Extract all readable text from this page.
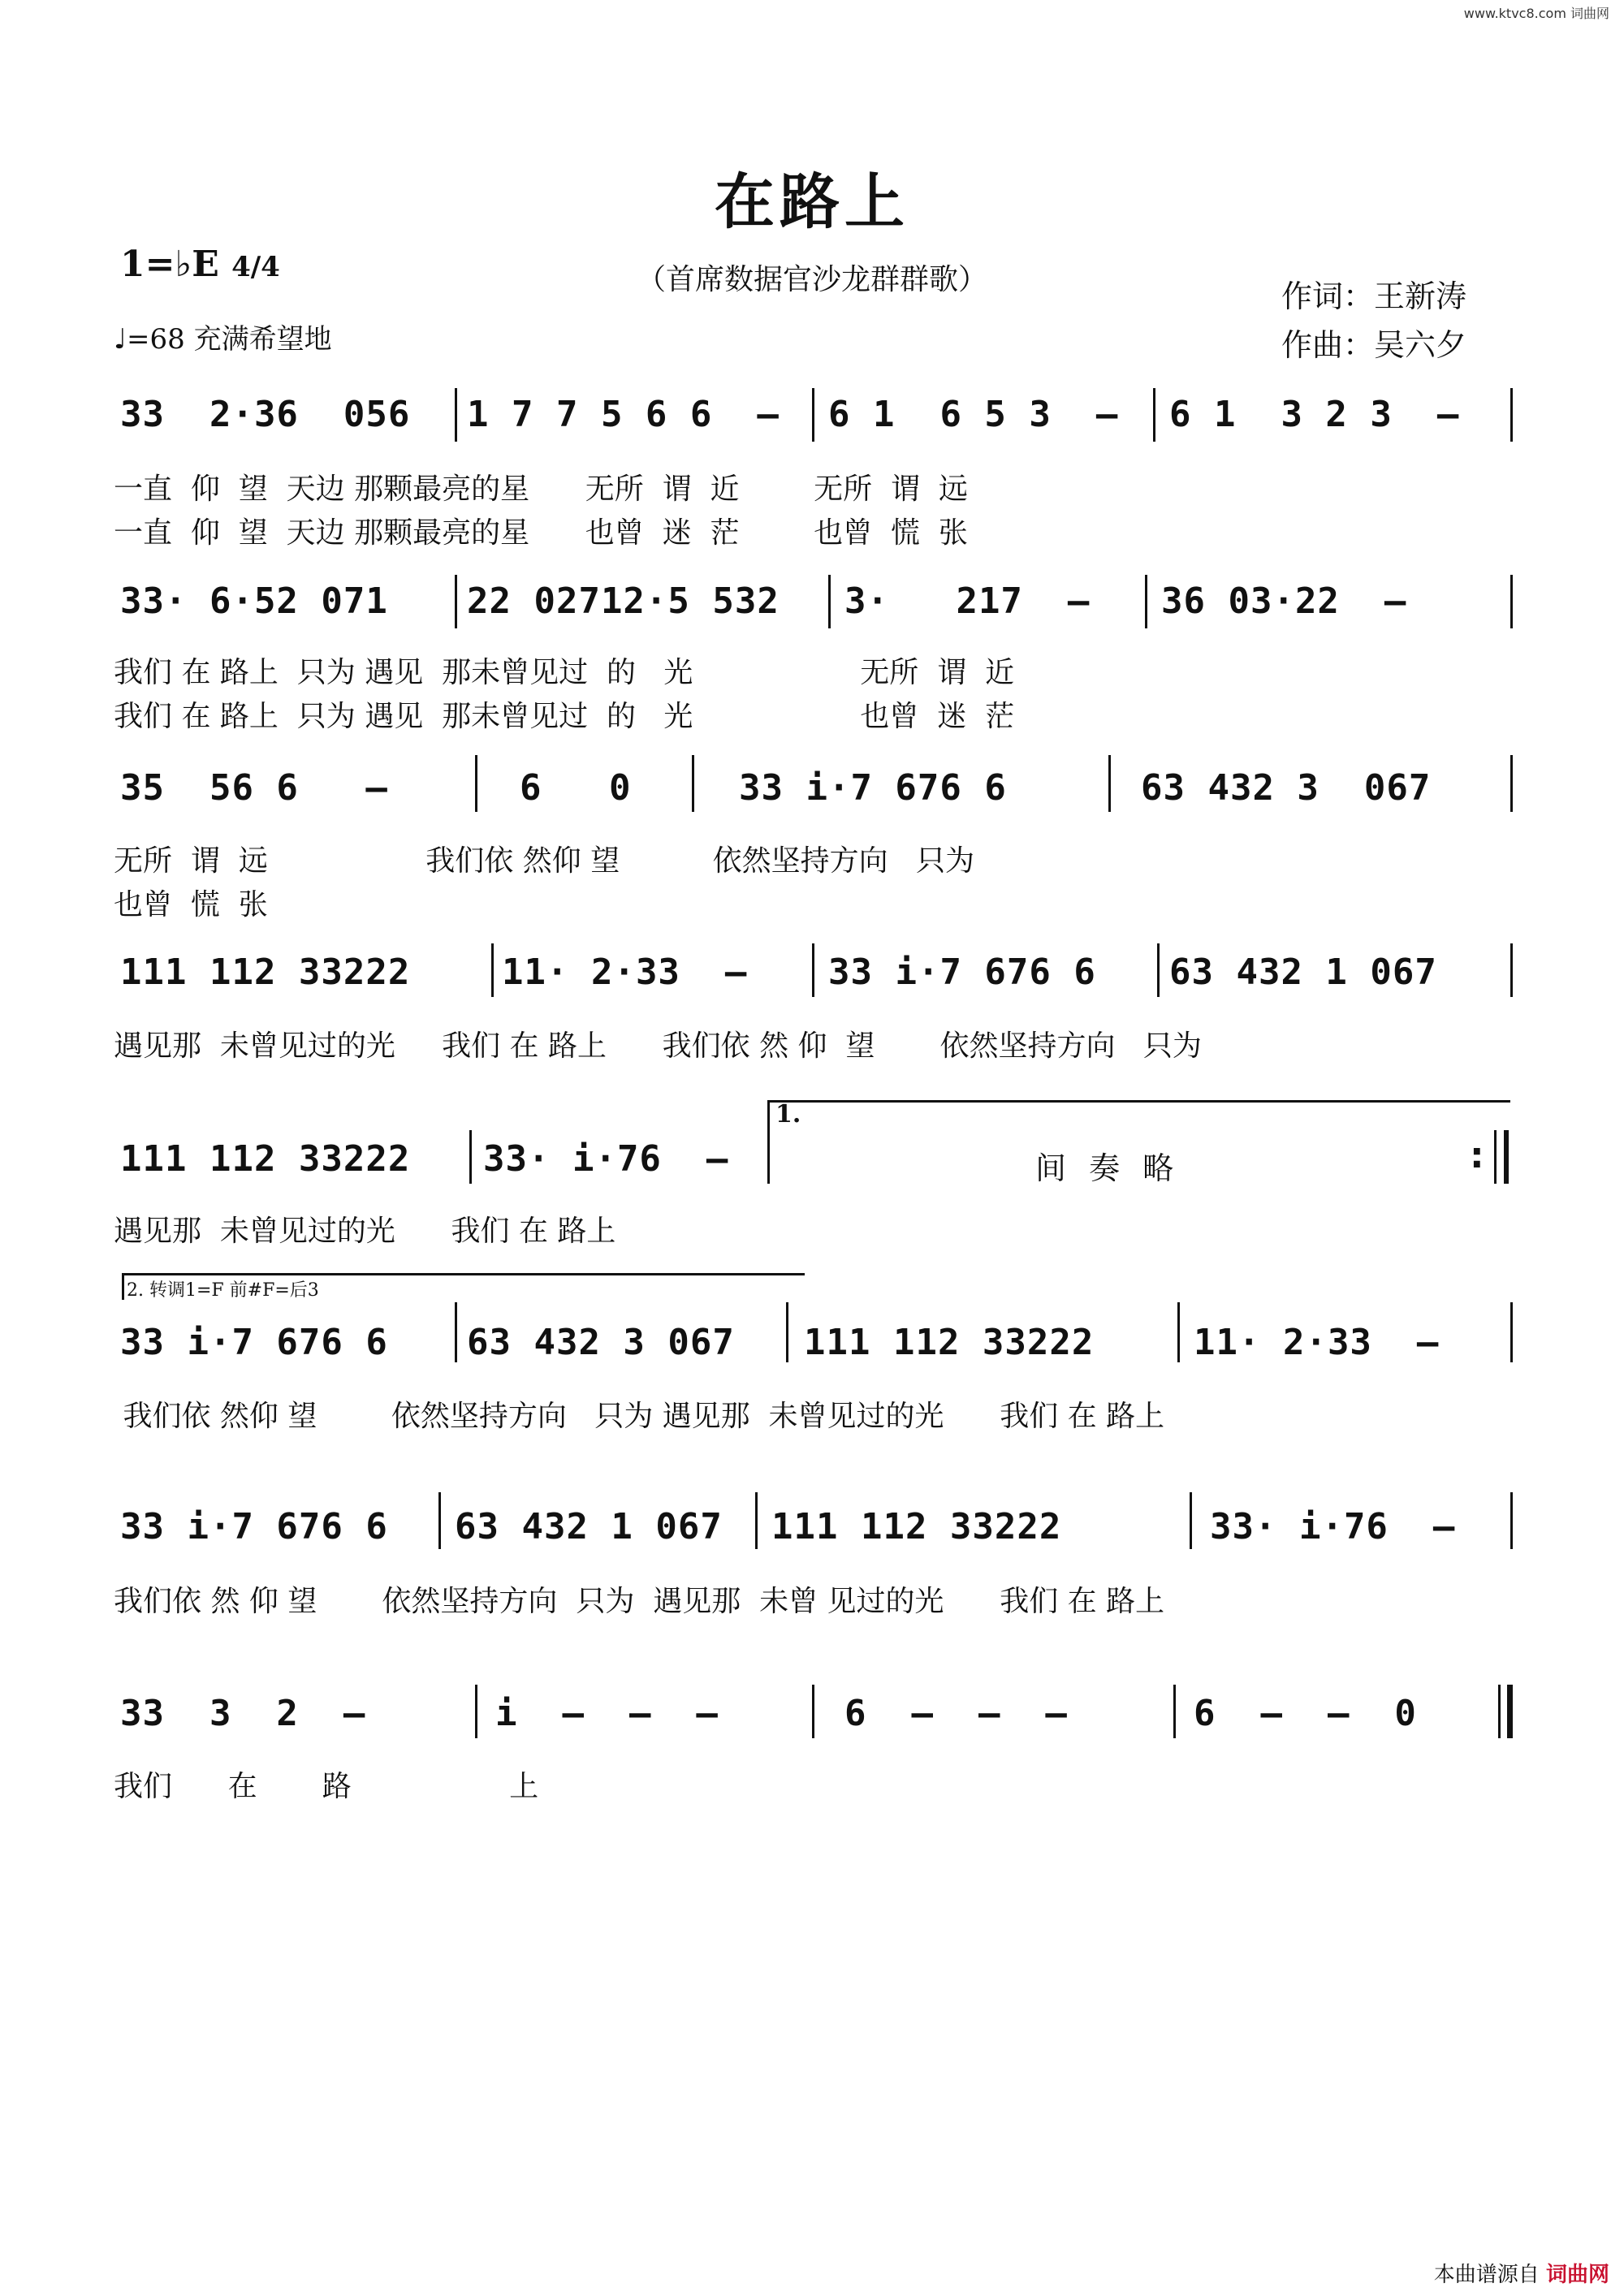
www.ktvc8.com 词曲网
在路上
（首席数据官沙龙群群歌）
1=♭E 4/4
♩=68 充满希望地
作词：王新涛
作曲：吴六夕
33  2·36  056 1 7 7 5 6 6  – 6 1  6 5 3  – 6 1  3 2 3  –
一直  仰  望  天边 那颗最亮的星      无所  谓  近        无所  谓  远
一直  仰  望  天边 那颗最亮的星      也曾  迷  茫        也曾  慌  张
33· 6·52 071 22 02712·5 532 3·   217  – 36 03·22  –
我们 在 路上  只为 遇见  那未曾见过  的   光                  无所  谓  近
我们 在 路上  只为 遇见  那未曾见过  的   光                  也曾  迷  茫
35  56 6   –	6   0	33 i·7 676 6	63 432 3  067
无所  谓  远                 我们依 然仰 望          依然坚持方向   只为
也曾  慌  张
111 112 33222	11· 2·33  – 33 i·7 676 6 63 432 1 067
遇见那  未曾见过的光     我们 在 路上      我们依 然 仰  望       依然坚持方向   只为
111 112 33222 33· i·76  –
1.
间 奏 略	:
遇见那  未曾见过的光      我们 在 路上
2. 转调1=F 前#F=后3
33 i·7 676 6 63 432 3 067 111 112 33222	11· 2·33  –
我们依 然仰 望        依然坚持方向   只为 遇见那  未曾见过的光      我们 在 路上
33 i·7 676 6 63 432 1 067 111 112 33222	33· i·76  –
我们依 然 仰 望       依然坚持方向  只为  遇见那  未曾 见过的光      我们 在 路上
33  3  2  –	i  –  –  –	6  –  –  –	6  –  –  0
我们      在       路                 上
本曲谱源自 词曲网
